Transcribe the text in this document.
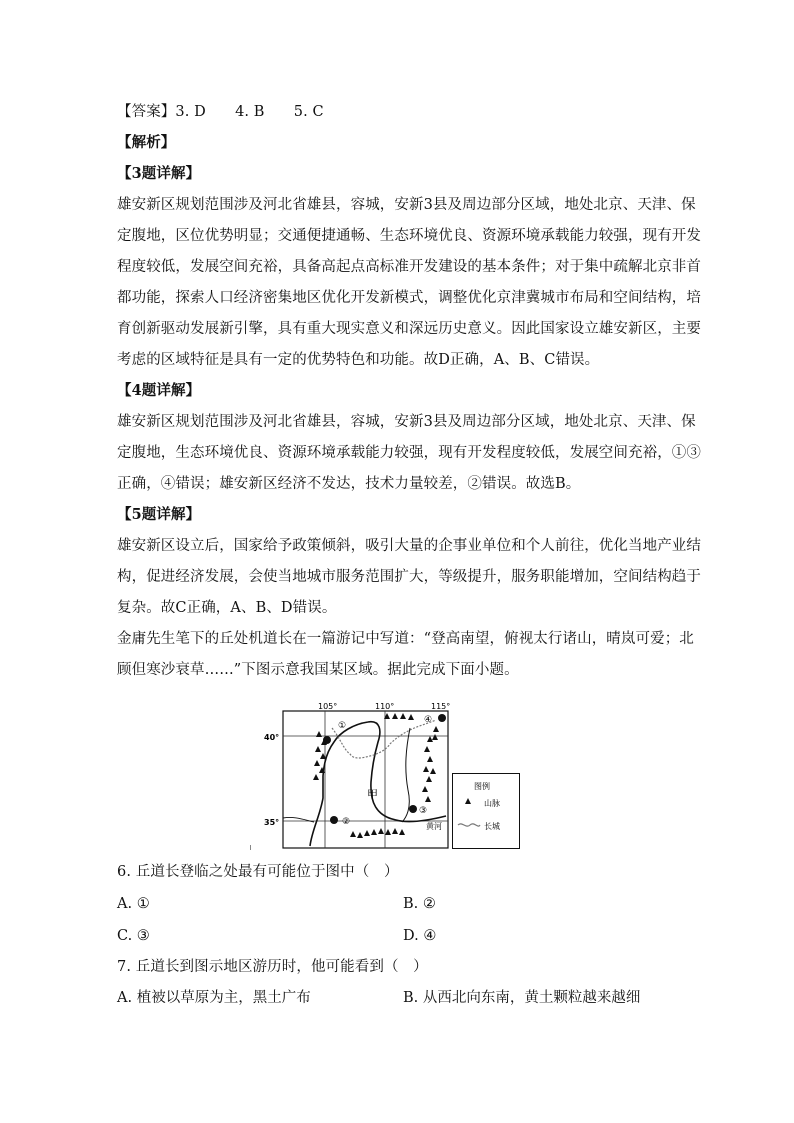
【答案】3. D　　4. B　　5. C
【解析】
【3题详解】
雄安新区规划范围涉及河北省雄县，容城，安新3县及周边部分区域，地处北京、天津、保
定腹地，区位优势明显；交通便捷通畅、生态环境优良、资源环境承载能力较强，现有开发
程度较低，发展空间充裕，具备高起点高标准开发建设的基本条件；对于集中疏解北京非首
都功能，探索人口经济密集地区优化开发新模式，调整优化京津冀城市布局和空间结构，培
育创新驱动发展新引擎，具有重大现实意义和深远历史意义。因此国家设立雄安新区，主要
考虑的区域特征是具有一定的优势特色和功能。故D正确，A、B、C错误。
【4题详解】
雄安新区规划范围涉及河北省雄县，容城，安新3县及周边部分区域，地处北京、天津、保
定腹地，生态环境优良、资源环境承载能力较强，现有开发程度较低，发展空间充裕，①③
正确，④错误；雄安新区经济不发达，技术力量较差，②错误。故选B。
【5题详解】
雄安新区设立后，国家给予政策倾斜，吸引大量的企事业单位和个人前往，优化当地产业结
构，促进经济发展，会使当地城市服务范围扩大，等级提升，服务职能增加，空间结构趋于
复杂。故C正确，A、B、D错误。
金庸先生笔下的丘处机道长在一篇游记中写道：“登高南望，俯视太行诸山，晴岚可爱；北
顾但寒沙衰草……”下图示意我国某区域。据此完成下面小题。
105°	110°	115°
40°
35°
①
②
③
④
甲
黄河
图例
山脉
长城
6. 丘道长登临之处最有可能位于图中（　）
A. ①	B. ②
C. ③	D. ④
7. 丘道长到图示地区游历时，他可能看到（　）
A. 植被以草原为主，黑土广布	B. 从西北向东南，黄土颗粒越来越细
